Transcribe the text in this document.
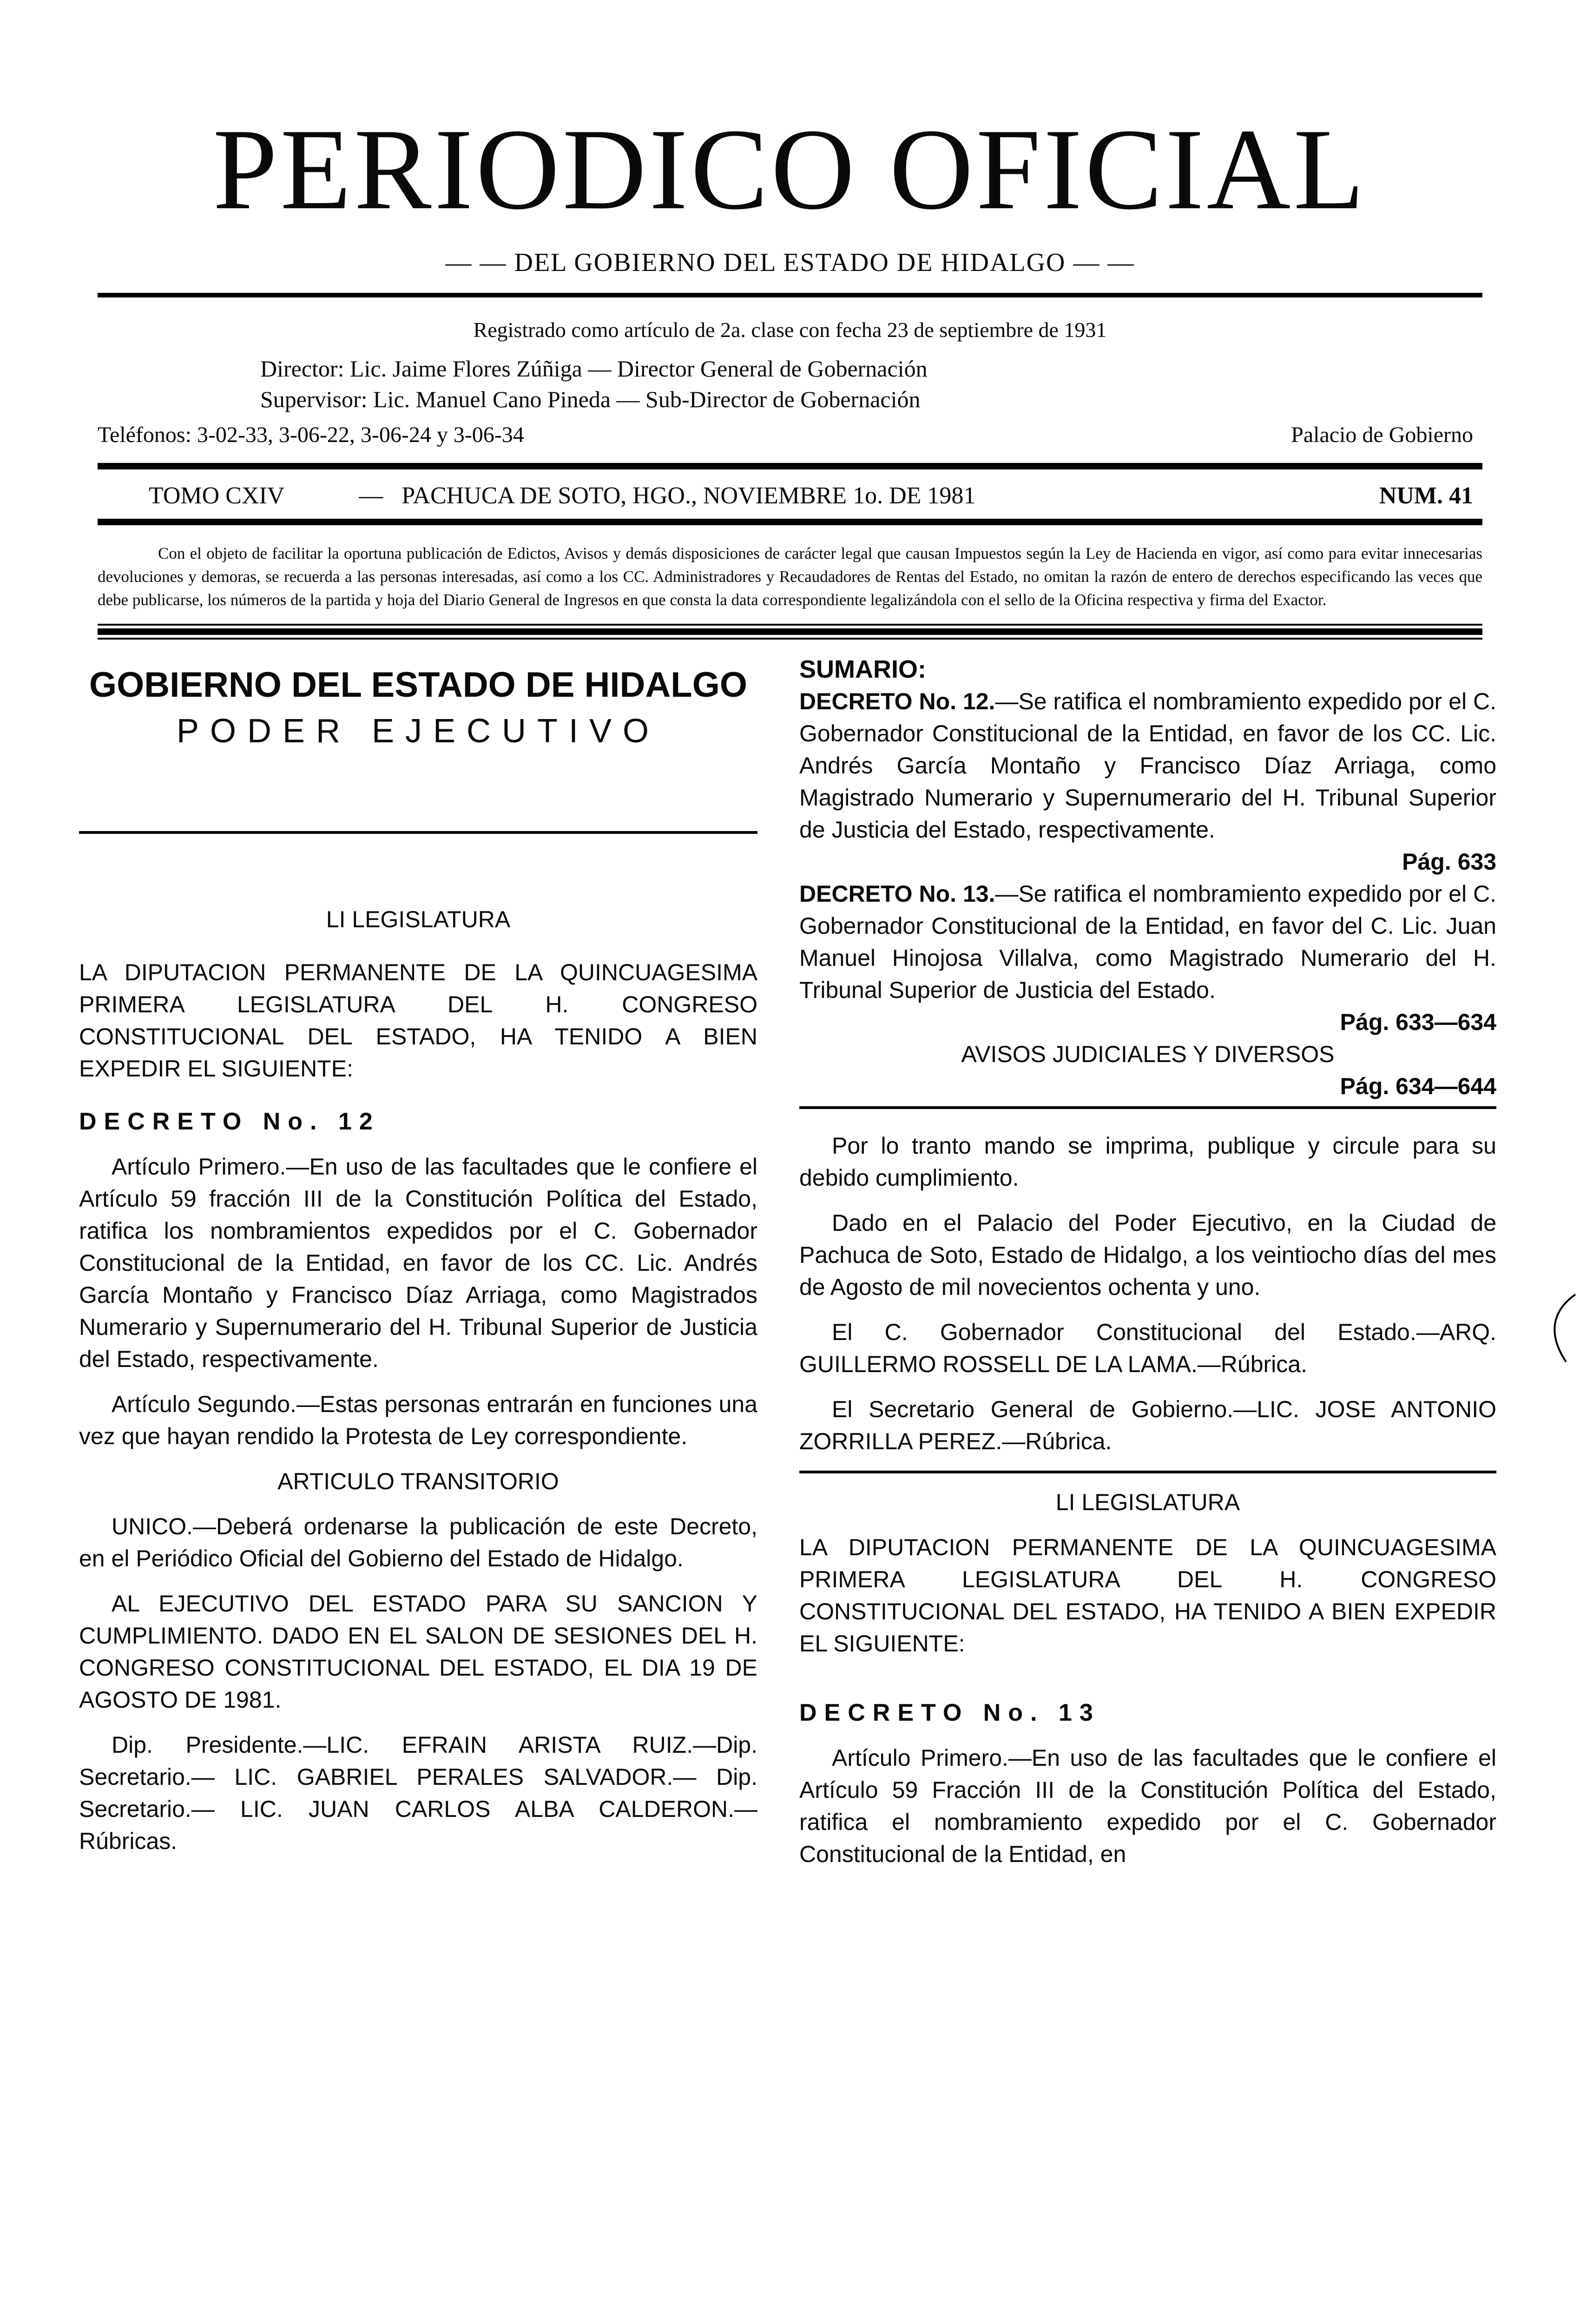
PERIODICO OFICIAL
— — DEL GOBIERNO DEL ESTADO DE HIDALGO — —
Registrado como artículo de 2a. clase con fecha 23 de septiembre de 1931
Director: Lic. Jaime Flores Zúñiga — Director General de Gobernación
Supervisor: Lic. Manuel Cano Pineda — Sub-Director de Gobernación
Teléfonos: 3-02-33, 3-06-22, 3-06-24 y 3-06-34	Palacio de Gobierno
TOMO CXIV	— PACHUCA DE SOTO, HGO., NOVIEMBRE 1o. DE 1981	NUM. 41

Con el objeto de facilitar la oportuna publicación de Edictos, Avisos y demás disposiciones de carácter legal que causan Impuestos según la Ley de Hacienda en vigor, así como para evitar innecesarias devoluciones y demoras, se recuerda a las personas interesadas, así como a los CC. Administradores y Recaudadores de Rentas del Estado, no omitan la razón de entero de derechos especificando las veces que debe publicarse, los números de la partida y hoja del Diario General de Ingresos en que consta la data correspondiente legalizándola con el sello de la Oficina respectiva y firma del Exactor.

GOBIERNO DEL ESTADO DE HIDALGO
PODER EJECUTIVO

LI LEGISLATURA

LA DIPUTACION PERMANENTE DE LA QUINCUAGESIMA PRIMERA LEGISLATURA DEL H. CONGRESO CONSTITUCIONAL DEL ESTADO, HA TENIDO A BIEN EXPEDIR EL SIGUIENTE:

DECRETO No. 12

Artículo Primero.—En uso de las facultades que le confiere el Artículo 59 fracción III de la Constitución Política del Estado, ratifica los nombramientos expedidos por el C. Gobernador Constitucional de la Entidad, en favor de los CC. Lic. Andrés García Montaño y Francisco Díaz Arriaga, como Magistrados Numerario y Supernumerario del H. Tribunal Superior de Justicia del Estado, respectivamente.

Artículo Segundo.—Estas personas entrarán en funciones una vez que hayan rendido la Protesta de Ley correspondiente.

ARTICULO TRANSITORIO

UNICO.—Deberá ordenarse la publicación de este Decreto, en el Periódico Oficial del Gobierno del Estado de Hidalgo.

AL EJECUTIVO DEL ESTADO PARA SU SANCION Y CUMPLIMIENTO. DADO EN EL SALON DE SESIONES DEL H. CONGRESO CONSTITUCIONAL DEL ESTADO, EL DIA 19 DE AGOSTO DE 1981.

Dip. Presidente.—LIC. EFRAIN ARISTA RUIZ.—Dip. Secretario.— LIC. GABRIEL PERALES SALVADOR.— Dip. Secretario.— LIC. JUAN CARLOS ALBA CALDERON.—Rúbricas.

SUMARIO:

DECRETO No. 12.—Se ratifica el nombramiento expedido por el C. Gobernador Constitucional de la Entidad, en favor de los CC. Lic. Andrés García Montaño y Francisco Díaz Arriaga, como Magistrado Numerario y Supernumerario del H. Tribunal Superior de Justicia del Estado, respectivamente.

Pág. 633

DECRETO No. 13.—Se ratifica el nombramiento expedido por el C. Gobernador Constitucional de la Entidad, en favor del C. Lic. Juan Manuel Hinojosa Villalva, como Magistrado Numerario del H. Tribunal Superior de Justicia del Estado.

Pág. 633—634

AVISOS JUDICIALES Y DIVERSOS

Pág. 634—644

Por lo tranto mando se imprima, publique y circule para su debido cumplimiento.

Dado en el Palacio del Poder Ejecutivo, en la Ciudad de Pachuca de Soto, Estado de Hidalgo, a los veintiocho días del mes de Agosto de mil novecientos ochenta y uno.

El C. Gobernador Constitucional del Estado.—ARQ. GUILLERMO ROSSELL DE LA LAMA.—Rúbrica.

El Secretario General de Gobierno.—LIC. JOSE ANTONIO ZORRILLA PEREZ.—Rúbrica.

LI LEGISLATURA

LA DIPUTACION PERMANENTE DE LA QUINCUAGESIMA PRIMERA LEGISLATURA DEL H. CONGRESO CONSTITUCIONAL DEL ESTADO, HA TENIDO A BIEN EXPEDIR EL SIGUIENTE:

DECRETO No. 13

Artículo Primero.—En uso de las facultades que le confiere el Artículo 59 Fracción III de la Constitución Política del Estado, ratifica el nombramiento expedido por el C. Gobernador Constitucional de la Entidad, en
